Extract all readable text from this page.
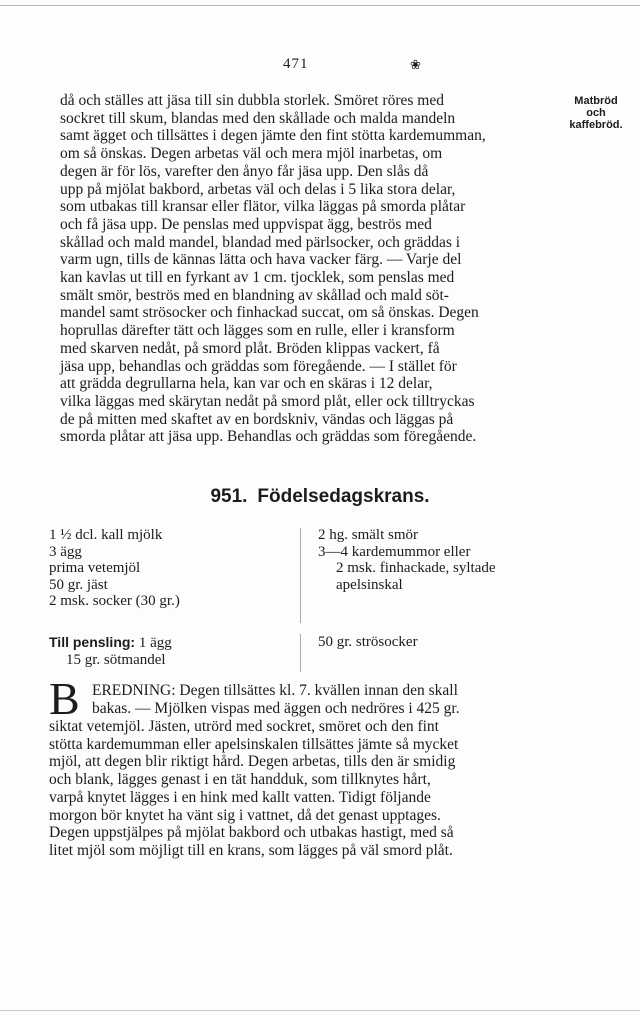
471	❀
Matbröd
och
kaffebröd.
då och ställes att jäsa till sin dubbla storlek. Smöret röres med
sockret till skum, blandas med den skållade och malda mandeln
samt ägget och tillsättes i degen jämte den fint stötta kardemumman,
om så önskas. Degen arbetas väl och mera mjöl inarbetas, om
degen är för lös, varefter den ånyo får jäsa upp. Den slås då
upp på mjölat bakbord, arbetas väl och delas i 5 lika stora delar,
som utbakas till kransar eller flätor, vilka läggas på smorda plåtar
och få jäsa upp. De penslas med uppvispat ägg, beströs med
skållad och mald mandel, blandad med pärlsocker, och gräddas i
varm ugn, tills de kännas lätta och hava vacker färg. — Varje del
kan kavlas ut till en fyrkant av 1 cm. tjocklek, som penslas med
smält smör, beströs med en blandning av skållad och mald söt-
mandel samt strösocker och finhackad succat, om så önskas. Degen
hoprullas därefter tätt och lägges som en rulle, eller i kransform
med skarven nedåt, på smord plåt. Bröden klippas vackert, få
jäsa upp, behandlas och gräddas som föregående. — I stället för
att grädda degrullarna hela, kan var och en skäras i 12 delar,
vilka läggas med skärytan nedåt på smord plåt, eller ock tilltryckas
de på mitten med skaftet av en bordskniv, vändas och läggas på
smorda plåtar att jäsa upp. Behandlas och gräddas som föregående.
951. Födelsedagskrans.
1 ½ dcl. kall mjölk
3 ägg
prima vetemjöl
50 gr. jäst
2 msk. socker (30 gr.)
2 hg. smält smör
3—4 kardemummor eller
2 msk. finhackade, syltade
apelsinskal
Till pensling: 1 ägg
15 gr. sötmandel
50 gr. strösocker
B EREDNING: Degen tillsättes kl. 7. kvällen innan den skall
bakas. — Mjölken vispas med äggen och nedröres i 425 gr.
siktat vetemjöl. Jästen, utrörd med sockret, smöret och den fint
stötta kardemumman eller apelsinskalen tillsättes jämte så mycket
mjöl, att degen blir riktigt hård. Degen arbetas, tills den är smidig
och blank, lägges genast i en tät handduk, som tillknytes hårt,
varpå knytet lägges i en hink med kallt vatten. Tidigt följande
morgon bör knytet ha vänt sig i vattnet, då det genast upptages.
Degen uppstjälpes på mjölat bakbord och utbakas hastigt, med så
litet mjöl som möjligt till en krans, som lägges på väl smord plåt.
